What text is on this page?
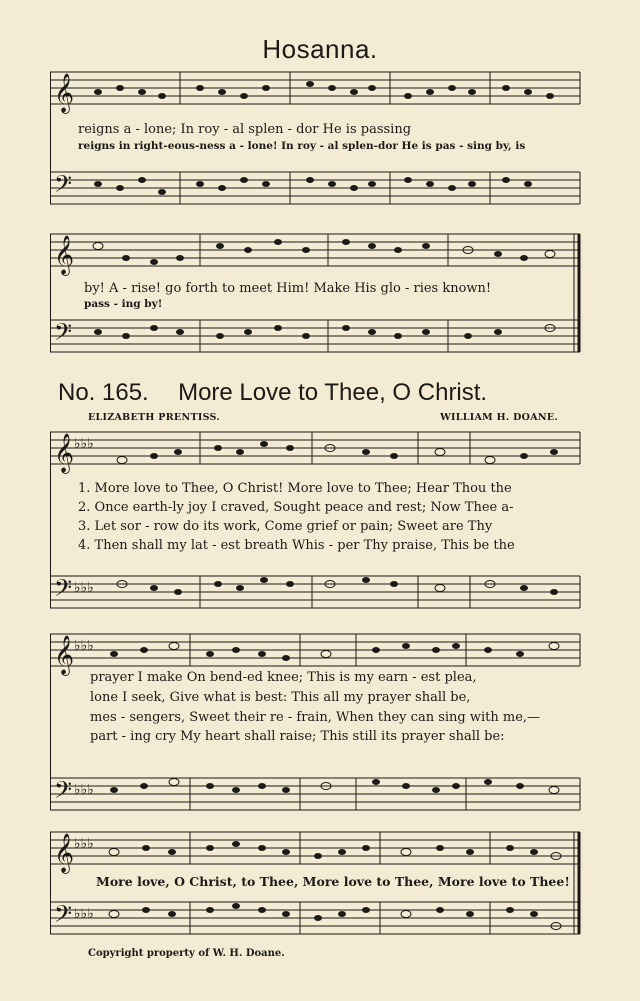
Hosanna.
𝄞
𝄢
reigns a - lone; In roy - al splen - dor He is passing
reigns in right-eous-ness a - lone! In roy - al splen-dor He is pas - sing by, is
𝄞
𝄢
by! A - rise! go forth to meet Him! Make His glo - ries known!
pass - ing by!
No. 165. More Love to Thee, O Christ.
ELIZABETH PRENTISS.	WILLIAM H. DOANE.
𝄞 ♭♭♭
𝄢 ♭♭♭
1. More love to Thee, O Christ! More love to Thee; Hear Thou the
2. Once earth-ly joy I craved, Sought peace and rest; Now Thee a-
3. Let sor - row do its work, Come grief or pain; Sweet are Thy
4. Then shall my lat - est breath Whis - per Thy praise, This be the
𝄞 ♭♭♭
𝄢 ♭♭♭
prayer I make On bend-ed knee; This is my earn - est plea,
lone I seek, Give what is best: This all my prayer shall be,
mes - sengers, Sweet their re - frain, When they can sing with me,—
part - ing cry My heart shall raise; This still its prayer shall be:
𝄞 ♭♭♭
𝄢 ♭♭♭
More love, O Christ, to Thee, More love to Thee, More love to Thee!
Copyright property of W. H. Doane.
